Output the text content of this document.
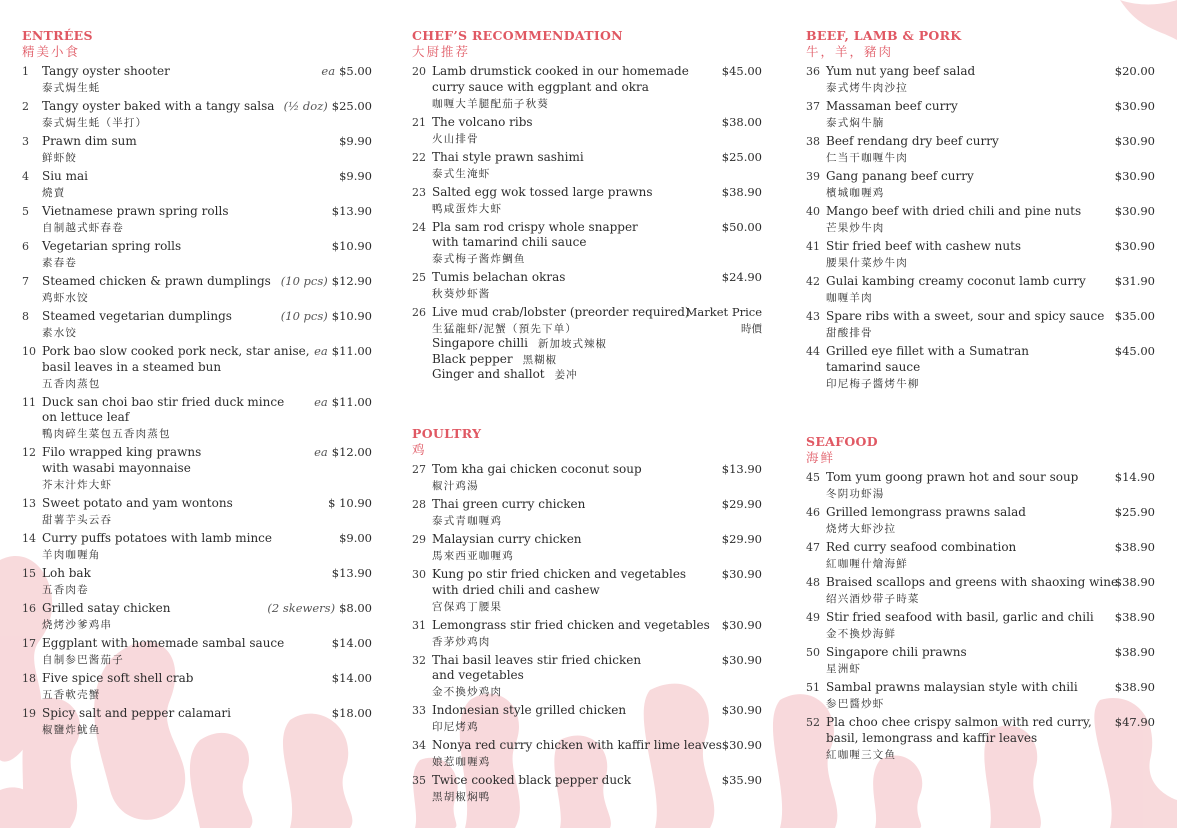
ENTRÉES
精美小食
1 Tangy oyster shooter
泰式焗生蚝
ea $5.00
2 Tangy oyster baked with a tangy salsa
泰式焗生蚝（半打）
(½ doz) $25.00
3 Prawn dim sum
鲜虾餃
$9.90
4 Siu mai
燒賣
$9.90
5 Vietnamese prawn spring rolls
自制越式虾春卷
$13.90
6 Vegetarian spring rolls
素春卷
$10.90
7 Steamed chicken & prawn dumplings
鸡虾水饺
(10 pcs) $12.90
8 Steamed vegetarian dumplings
素水饺
(10 pcs) $10.90
10 Pork bao slow cooked pork neck, star anise,
basil leaves in a steamed bun
五香肉蒸包
ea $11.00
11 Duck san choi bao stir fried duck mince
on lettuce leaf
鴨肉碎生菜包五香肉蒸包
ea $11.00
12 Filo wrapped king prawns
with wasabi mayonnaise
芥末汁炸大虾
ea $12.00
13 Sweet potato and yam wontons
甜薯芋头云吞
$ 10.90
14 Curry puffs potatoes with lamb mince
羊肉咖喱角
$9.00
15 Loh bak
五香肉卷
$13.90
16 Grilled satay chicken
烧烤沙爹鸡串
(2 skewers) $8.00
17 Eggplant with homemade sambal sauce
自制参巴酱茄子
$14.00
18 Five spice soft shell crab
五香軟壳蟹
$14.00
19 Spicy salt and pepper calamari
椒鹽炸魷鱼
$18.00
CHEF’S RECOMMENDATION
大厨推荐
20 Lamb drumstick cooked in our homemade
curry sauce with eggplant and okra
咖喱大羊腿配茄子秋葵
$45.00
21 The volcano ribs
火山排骨
$38.00
22 Thai style prawn sashimi
泰式生淹虾
$25.00
23 Salted egg wok tossed large prawns
鸭咸蛋炸大虾
$38.90
24 Pla sam rod crispy whole snapper
with tamarind chili sauce
泰式梅子酱炸鯛鱼
$50.00
25 Tumis belachan okras
秋葵炒虾酱
$24.90
26 Live mud crab/lobster (preorder required)
生猛龍虾/泥蟹（預先下单）
Market Price
時價
Singapore chilli 新加坡式辣椒
Black pepper 黑糊椒
Ginger and shallot 姜冲
POULTRY
鸡
27 Tom kha gai chicken coconut soup
椒汁鸡湯
$13.90
28 Thai green curry chicken
泰式青咖喱鸡
$29.90
29 Malaysian curry chicken
馬來西亚咖喱鸡
$29.90
30 Kung po stir fried chicken and vegetables
with dried chili and cashew
宫保鸡丁腰果
$30.90
31 Lemongrass stir fried chicken and vegetables
香茅炒鸡肉
$30.90
32 Thai basil leaves stir fried chicken
and vegetables
金不換炒鸡肉
$30.90
33 Indonesian style grilled chicken
印尼烤鸡
$30.90
34 Nonya red curry chicken with kaffir lime leaves
娘惹咖喱鸡
$30.90
35 Twice cooked black pepper duck
黑胡椒焖鸭
$35.90
BEEF, LAMB & PORK
牛，羊，豬肉
36 Yum nut yang beef salad
泰式烤牛肉沙拉
$20.00
37 Massaman beef curry
泰式焖牛腩
$30.90
38 Beef rendang dry beef curry
仁当干咖喱牛肉
$30.90
39 Gang panang beef curry
檳城咖喱鸡
$30.90
40 Mango beef with dried chili and pine nuts
芒果炒牛肉
$30.90
41 Stir fried beef with cashew nuts
腰果什菜炒牛肉
$30.90
42 Gulai kambing creamy coconut lamb curry
咖喱羊肉
$31.90
43 Spare ribs with a sweet, sour and spicy sauce
甜酸排骨
$35.00
44 Grilled eye fillet with a Sumatran
tamarind sauce
印尼梅子醬烤牛柳
$45.00
SEAFOOD
海鲜
45 Tom yum goong prawn hot and sour soup
冬阴功虾湯
$14.90
46 Grilled lemongrass prawns salad
烧烤大虾沙拉
$25.90
47 Red curry seafood combination
紅咖喱什燴海鮮
$38.90
48 Braised scallops and greens with shaoxing wine
绍兴酒炒带子時菜
$38.90
49 Stir fried seafood with basil, garlic and chili
金不換炒海鲜
$38.90
50 Singapore chili prawns
星洲虾
$38.90
51 Sambal prawns malaysian style with chili
参巴醬炒虾
$38.90
52 Pla choo chee crispy salmon with red curry,
basil, lemongrass and kaffir leaves
紅咖喱三文鱼
$47.90
